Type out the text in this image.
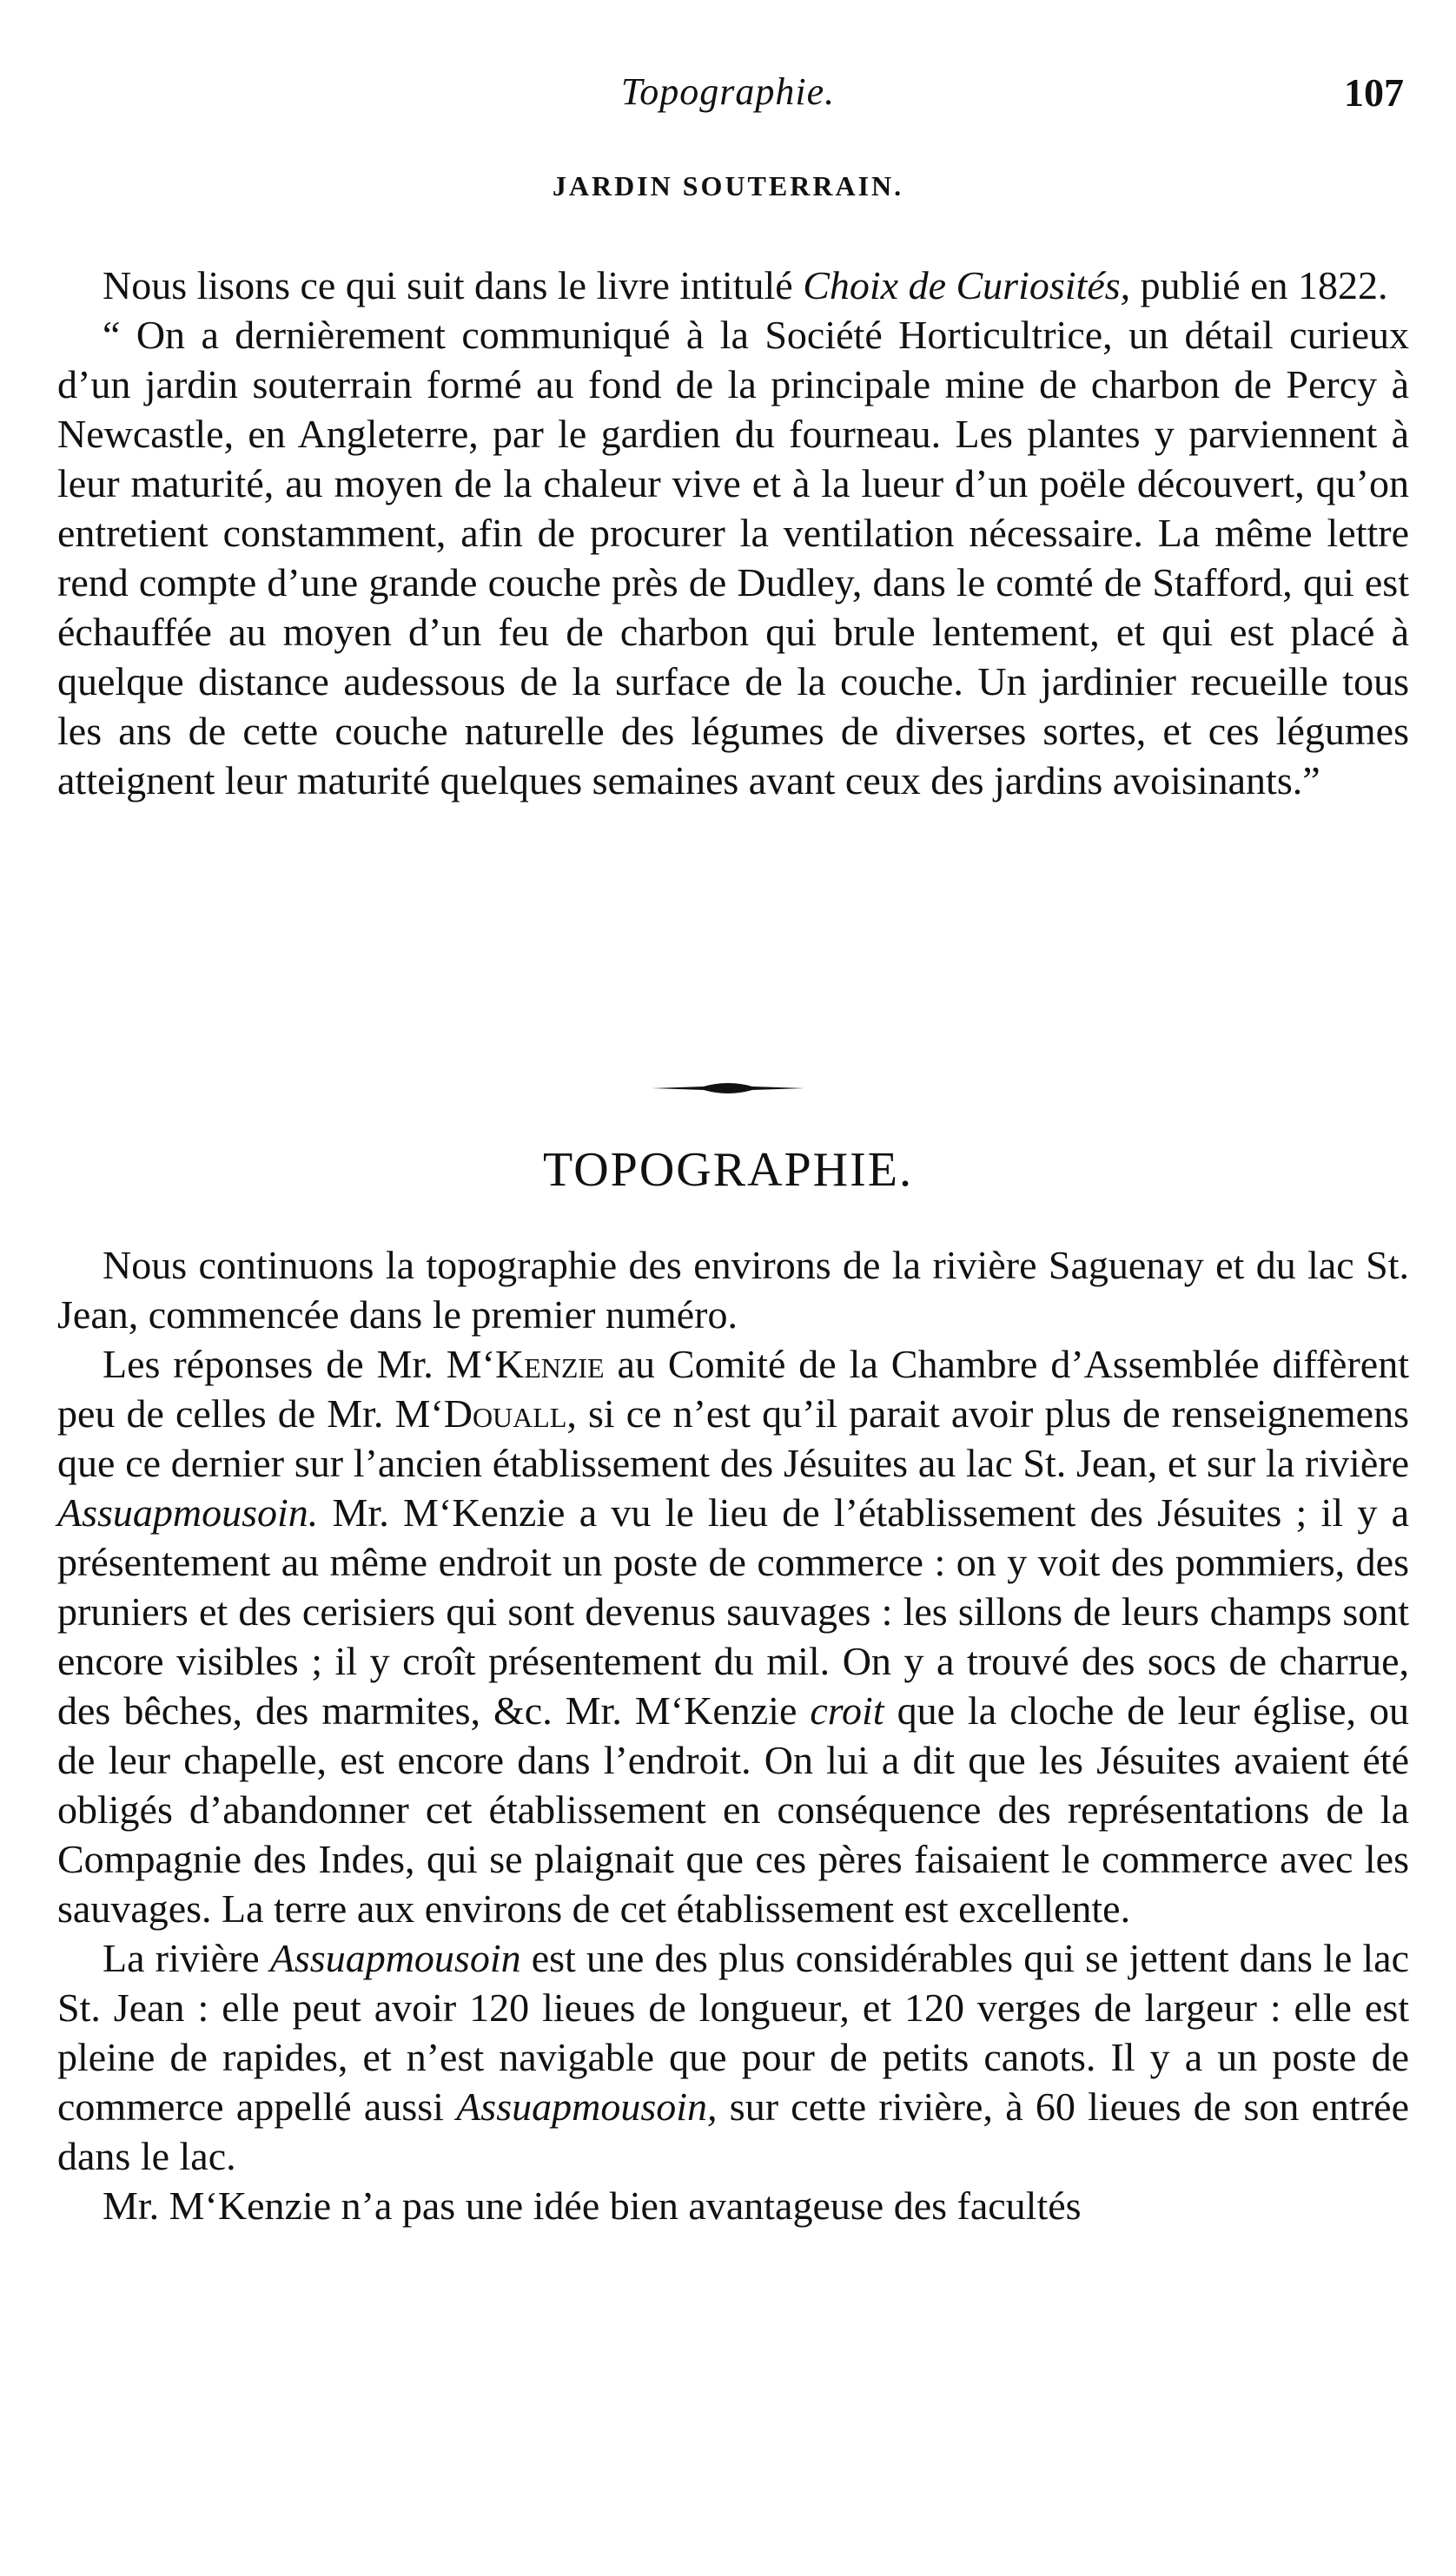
Topographie.	107
JARDIN SOUTERRAIN.

Nous lisons ce qui suit dans le livre intitulé Choix de Curiosités, publié en 1822.

“ On a dernièrement communiqué à la Société Horticultrice, un détail curieux d’un jardin souterrain formé au fond de la principale mine de charbon de Percy à Newcastle, en Angleterre, par le gardien du fourneau. Les plantes y parviennent à leur maturité, au moyen de la chaleur vive et à la lueur d’un poële découvert, qu’on entretient constamment, afin de procurer la ventilation nécessaire. La même lettre rend compte d’une grande couche près de Dudley, dans le comté de Stafford, qui est échauffée au moyen d’un feu de charbon qui brule lentement, et qui est placé à quelque distance audessous de la surface de la couche. Un jardinier recueille tous les ans de cette couche naturelle des légumes de diverses sortes, et ces légumes atteignent leur maturité quelques semaines avant ceux des jardins avoisinants.”

TOPOGRAPHIE.

Nous continuons la topographie des environs de la rivière Saguenay et du lac St. Jean, commencée dans le premier numéro.

Les réponses de Mr. M‘Kenzie au Comité de la Chambre d’Assemblée diffèrent peu de celles de Mr. M‘Douall, si ce n’est qu’il parait avoir plus de renseignemens que ce dernier sur l’ancien établissement des Jésuites au lac St. Jean, et sur la rivière Assuapmousoin. Mr. M‘Kenzie a vu le lieu de l’établissement des Jésuites ; il y a présentement au même endroit un poste de commerce : on y voit des pommiers, des pruniers et des cerisiers qui sont devenus sauvages : les sillons de leurs champs sont encore visibles ; il y croît présentement du mil. On y a trouvé des socs de charrue, des bêches, des marmites, &c. Mr. M‘Kenzie croit que la cloche de leur église, ou de leur chapelle, est encore dans l’endroit. On lui a dit que les Jésuites avaient été obligés d’abandonner cet établissement en conséquence des représentations de la Compagnie des Indes, qui se plaignait que ces pères faisaient le commerce avec les sauvages. La terre aux environs de cet établissement est excellente.

La rivière Assuapmousoin est une des plus considérables qui se jettent dans le lac St. Jean : elle peut avoir 120 lieues de longueur, et 120 verges de largeur : elle est pleine de rapides, et n’est navigable que pour de petits canots. Il y a un poste de commerce appellé aussi Assuapmousoin, sur cette rivière, à 60 lieues de son entrée dans le lac.

Mr. M‘Kenzie n’a pas une idée bien avantageuse des facultés
